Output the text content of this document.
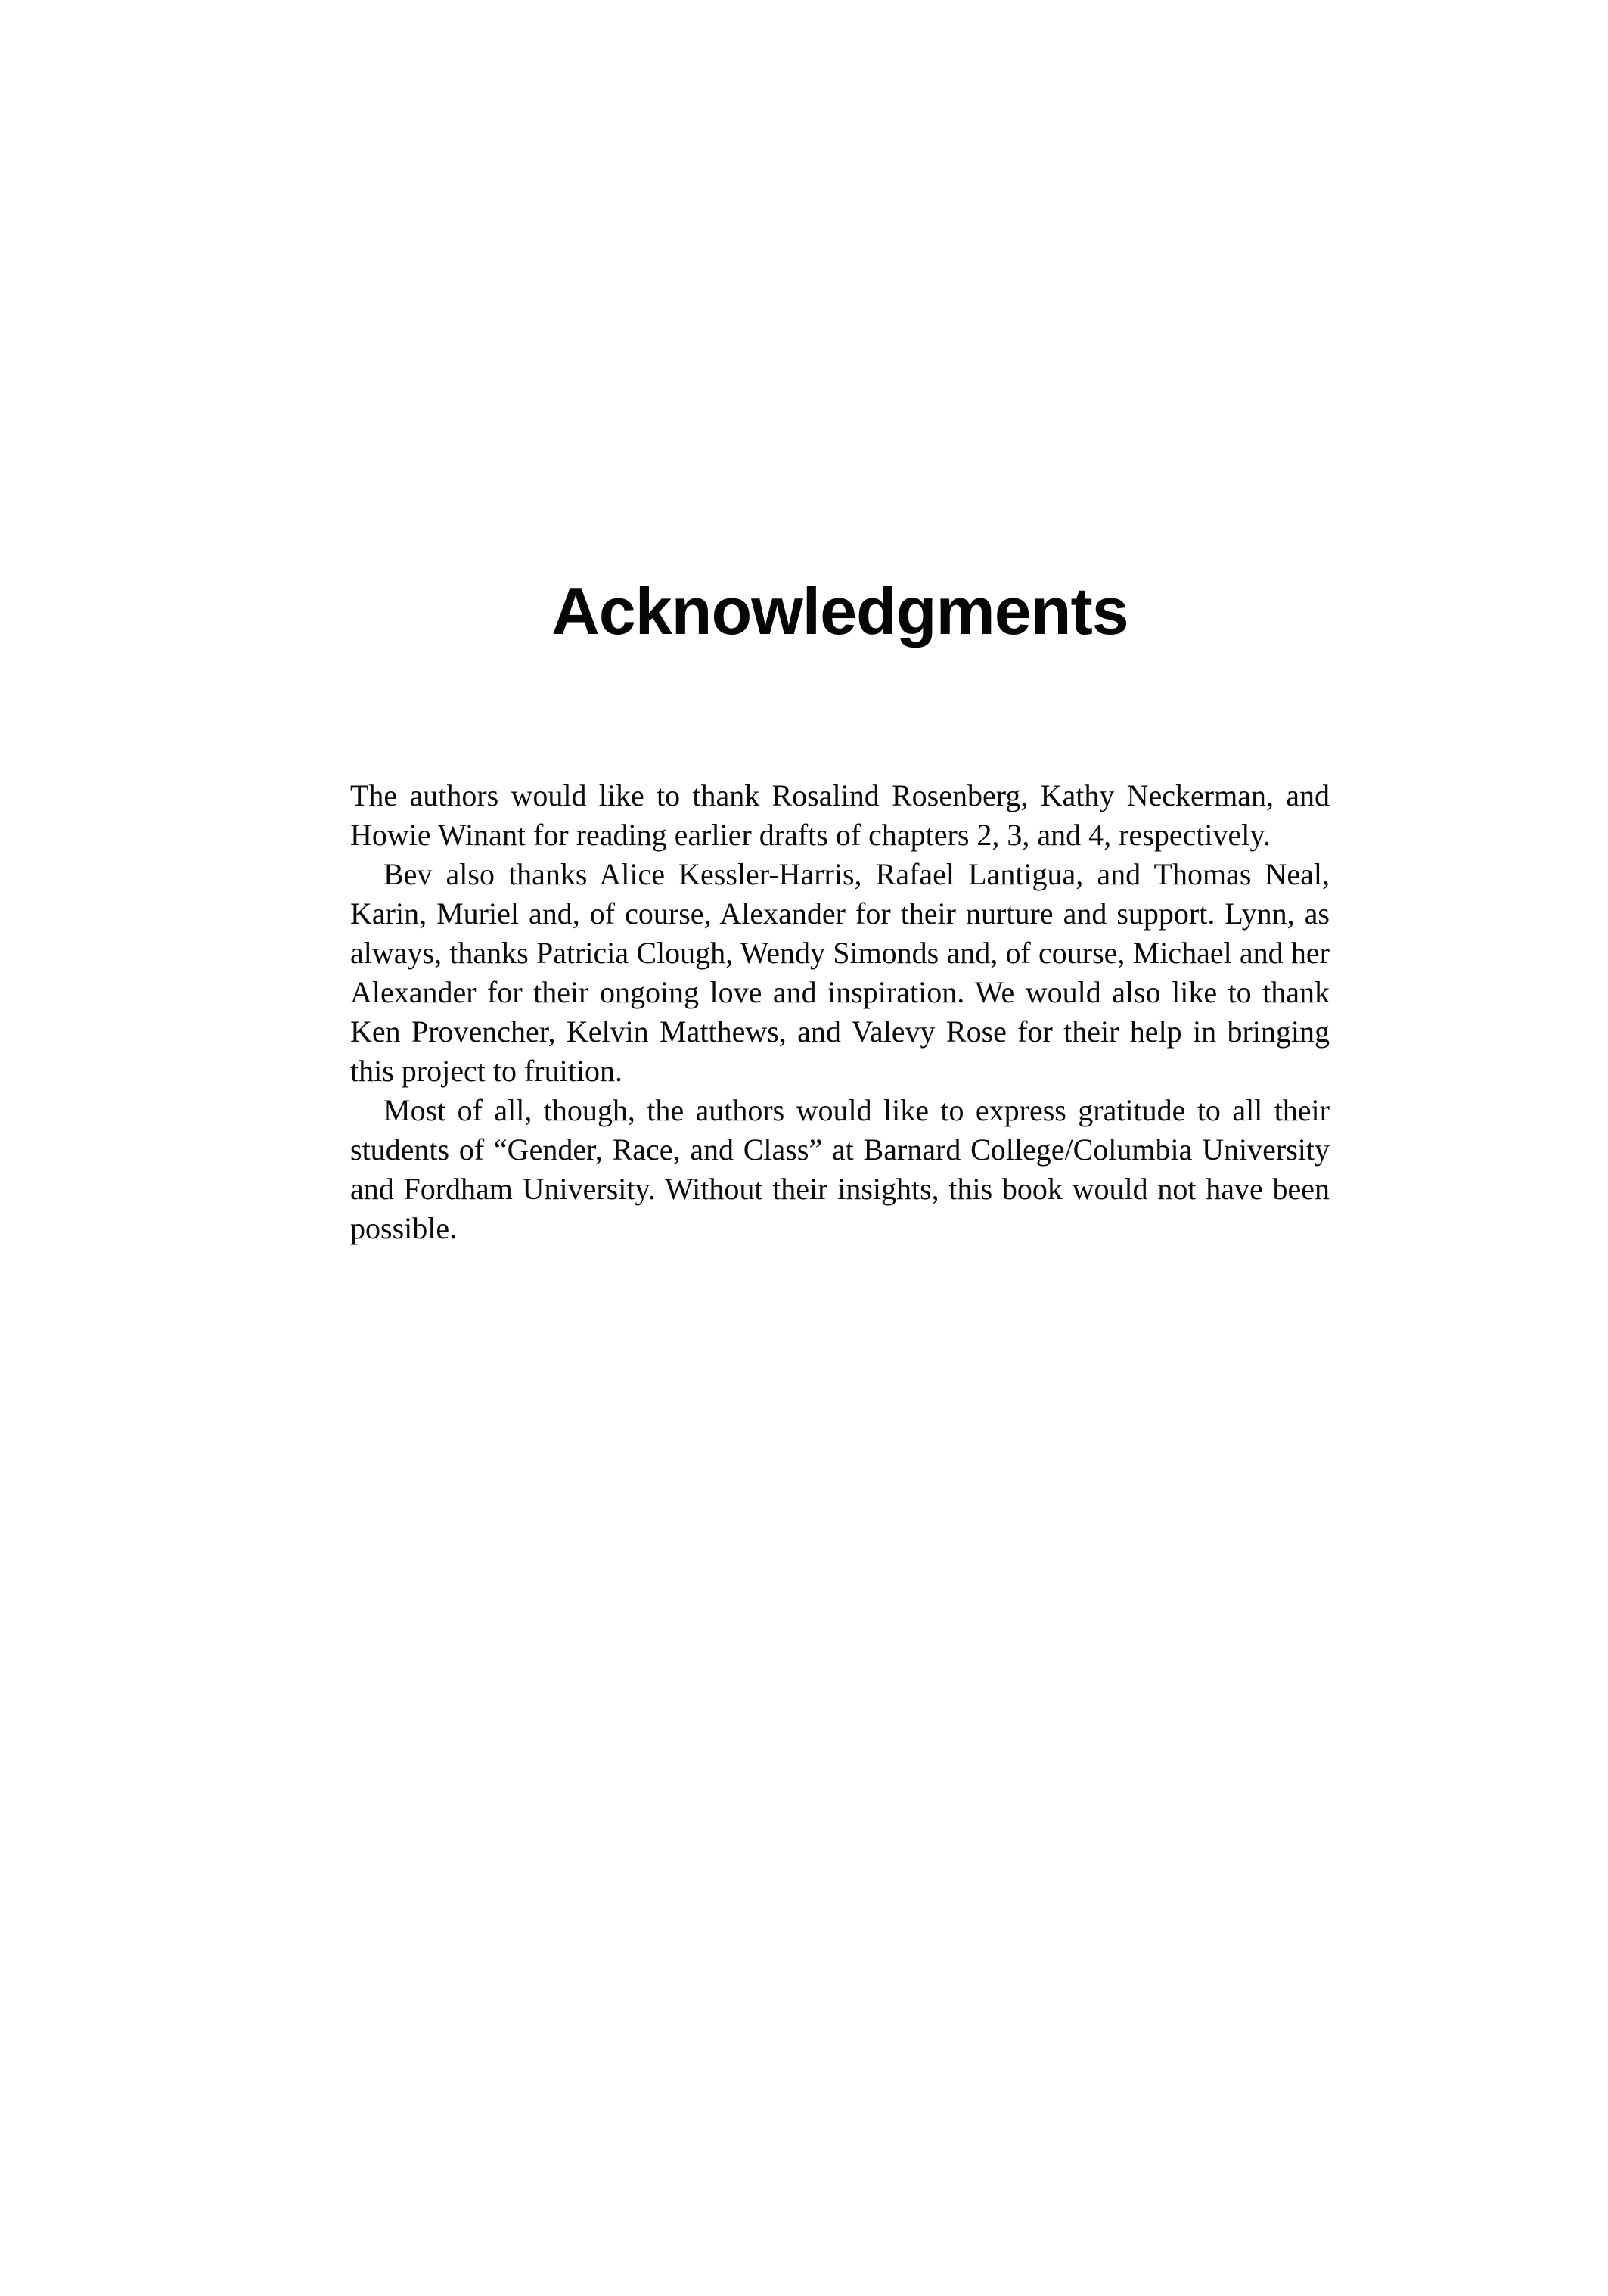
Acknowledgments

The authors would like to thank Rosalind Rosenberg, Kathy Neckerman, and Howie Winant for reading earlier drafts of chapters 2, 3, and 4, respectively.

Bev also thanks Alice Kessler-Harris, Rafael Lantigua, and Thomas Neal, Karin, Muriel and, of course, Alexander for their nurture and support. Lynn, as always, thanks Patricia Clough, Wendy Simonds and, of course, Michael and her Alexander for their ongoing love and inspiration. We would also like to thank Ken Provencher, Kelvin Matthews, and Valevy Rose for their help in bringing this project to fruition.

Most of all, though, the authors would like to express gratitude to all their students of “Gender, Race, and Class” at Barnard College/Columbia University and Fordham University. Without their insights, this book would not have been possible.
